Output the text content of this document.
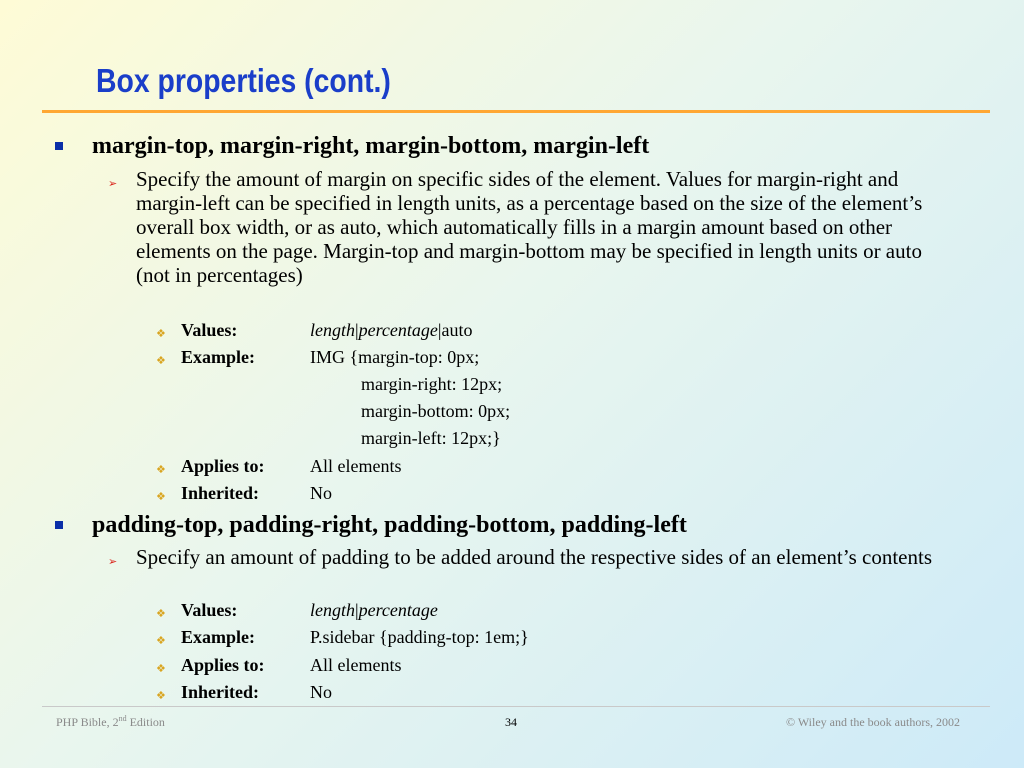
Box properties (cont.)
margin-top, margin-right, margin-bottom, margin-left
➢ Specify the amount of margin on specific sides of the element. Values for margin-right and margin-left can be specified in length units, as a percentage based on the size of the element’s overall box width, or as auto, which automatically fills in a margin amount based on other elements on the page. Margin-top and margin-bottom may be specified in length units or auto (not in percentages)
❖ Values:	length|percentage|auto
❖ Example:	IMG {margin-top: 0px;
margin-right: 12px;
margin-bottom: 0px;
margin-left: 12px;}
❖ Applies to:	All elements
❖ Inherited:	No
padding-top, padding-right, padding-bottom, padding-left
➢ Specify an amount of padding to be added around the respective sides of an element’s contents
❖ Values:	length|percentage
❖ Example:	P.sidebar {padding-top: 1em;}
❖ Applies to:	All elements
❖ Inherited:	No
PHP Bible, 2nd Edition	34	© Wiley and the book authors, 2002
